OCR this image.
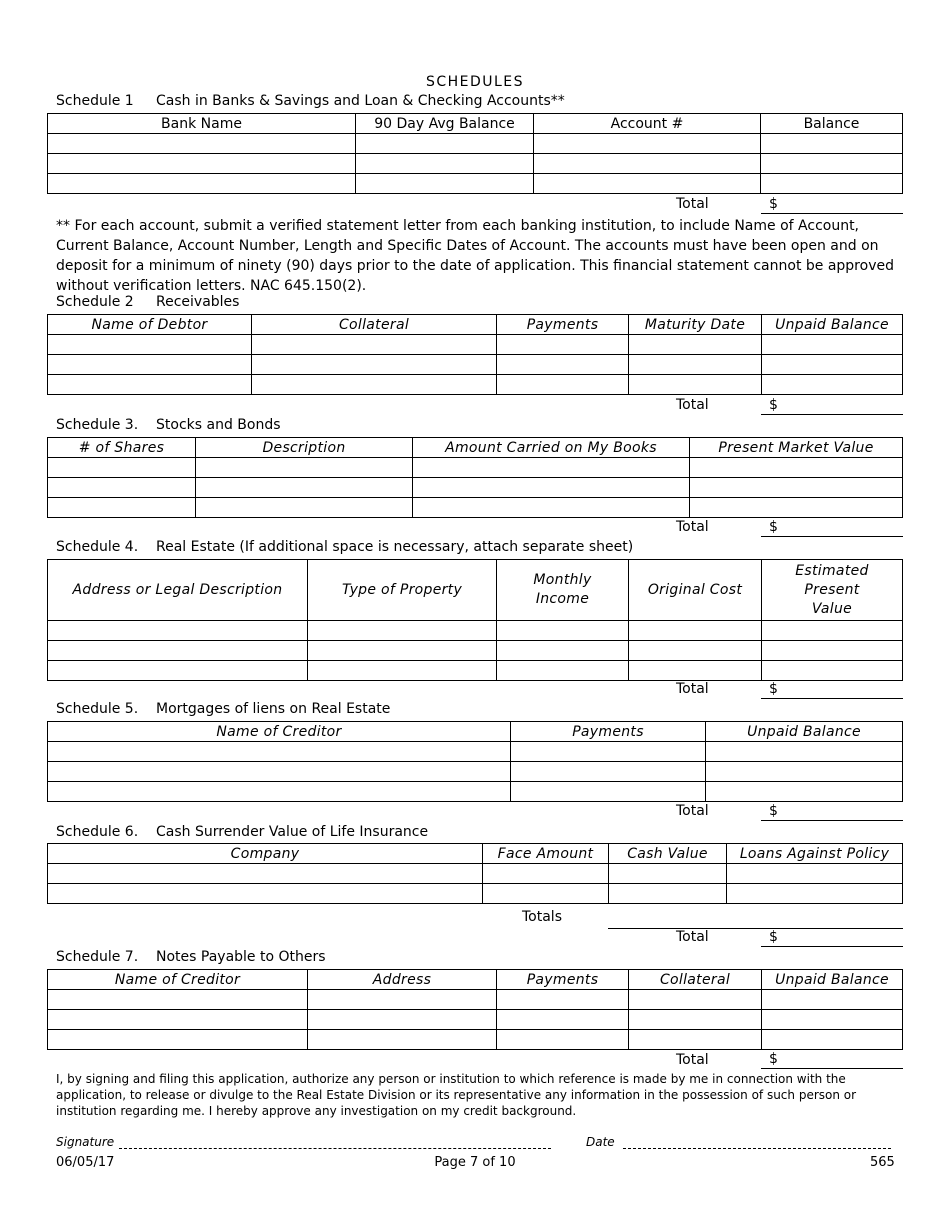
SCHEDULES
Schedule 1 Cash in Banks & Savings and Loan & Checking Accounts**
Bank Name	90 Day Avg Balance	Account #	Balance

Total	$
** For each account, submit a verified statement letter from each banking institution, to include Name of Account, Current Balance, Account Number, Length and Specific Dates of Account. The accounts must have been open and on deposit for a minimum of ninety (90) days prior to the date of application. This financial statement cannot be approved without verification letters. NAC 645.150(2).
Schedule 2 Receivables
Name of Debtor	Collateral	Payments	Maturity Date	Unpaid Balance

Total	$
Schedule 3. Stocks and Bonds
# of Shares	Description	Amount Carried on My Books	Present Market Value

Total	$
Schedule 4. Real Estate (If additional space is necessary, attach separate sheet)
Address or Legal Description	Type of Property	Monthly Income	Original Cost	Estimated Present Value

Total	$
Schedule 5. Mortgages of liens on Real Estate
Name of Creditor	Payments	Unpaid Balance

Total	$
Schedule 6. Cash Surrender Value of Life Insurance
Company	Face Amount	Cash Value	Loans Against Policy

Totals
Total	$
Schedule 7. Notes Payable to Others
Name of Creditor	Address	Payments	Collateral	Unpaid Balance

Total	$
I, by signing and filing this application, authorize any person or institution to which reference is made by me in connection with the application, to release or divulge to the Real Estate Division or its representative any information in the possession of such person or institution regarding me. I hereby approve any investigation on my credit background.
Signature	Date
06/05/17	Page 7 of 10	565
